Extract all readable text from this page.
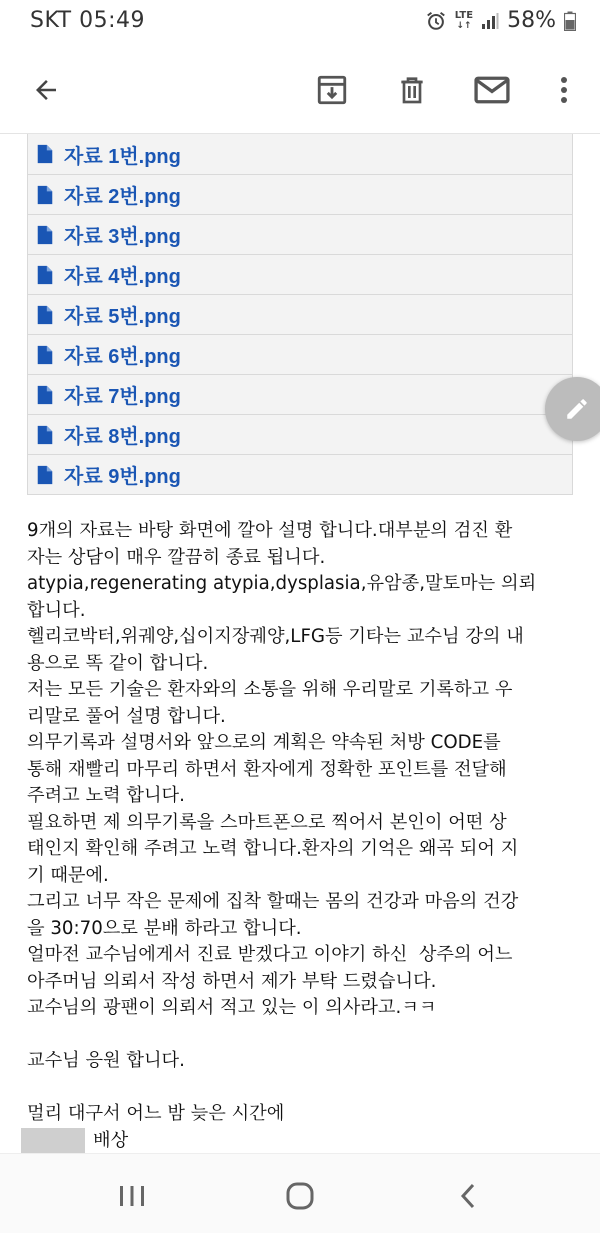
SKT 05:49	LTE
↓↑ 58%
자료 1번.png
자료 2번.png
자료 3번.png
자료 4번.png
자료 5번.png
자료 6번.png
자료 7번.png
자료 8번.png
자료 9번.png

9개의 자료는 바탕 화면에 깔아 설명 합니다.대부분의 검진 환

자는 상담이 매우 깔끔히 종료 됩니다.

atypia,regenerating atypia,dysplasia,유암종,말토마는 의뢰

합니다.

헬리코박터,위궤양,십이지장궤양,LFG등 기타는 교수님 강의 내

용으로 똑 같이 합니다.

저는 모든 기술은 환자와의 소통을 위해 우리말로 기록하고 우

리말로 풀어 설명 합니다.

의무기록과 설명서와 앞으로의 계획은 약속된 처방 CODE를

통해 재빨리 마무리 하면서 환자에게 정확한 포인트를 전달해

주려고 노력 합니다.

필요하면 제 의무기록을 스마트폰으로 찍어서 본인이 어떤 상

태인지 확인해 주려고 노력 합니다.환자의 기억은 왜곡 되어 지

기 때문에.

그리고 너무 작은 문제에 집착 할때는 몸의 건강과 마음의 건강

을 30:70으로 분배 하라고 합니다.

얼마전 교수님에게서 진료 받겠다고 이야기 하신  상주의 어느

아주머님 의뢰서 작성 하면서 제가 부탁 드렸습니다.

교수님의 광팬이 의뢰서 적고 있는 이 의사라고.ㅋㅋ

교수님 응원 합니다.

멀리 대구서 어느 밤 늦은 시간에

배상
